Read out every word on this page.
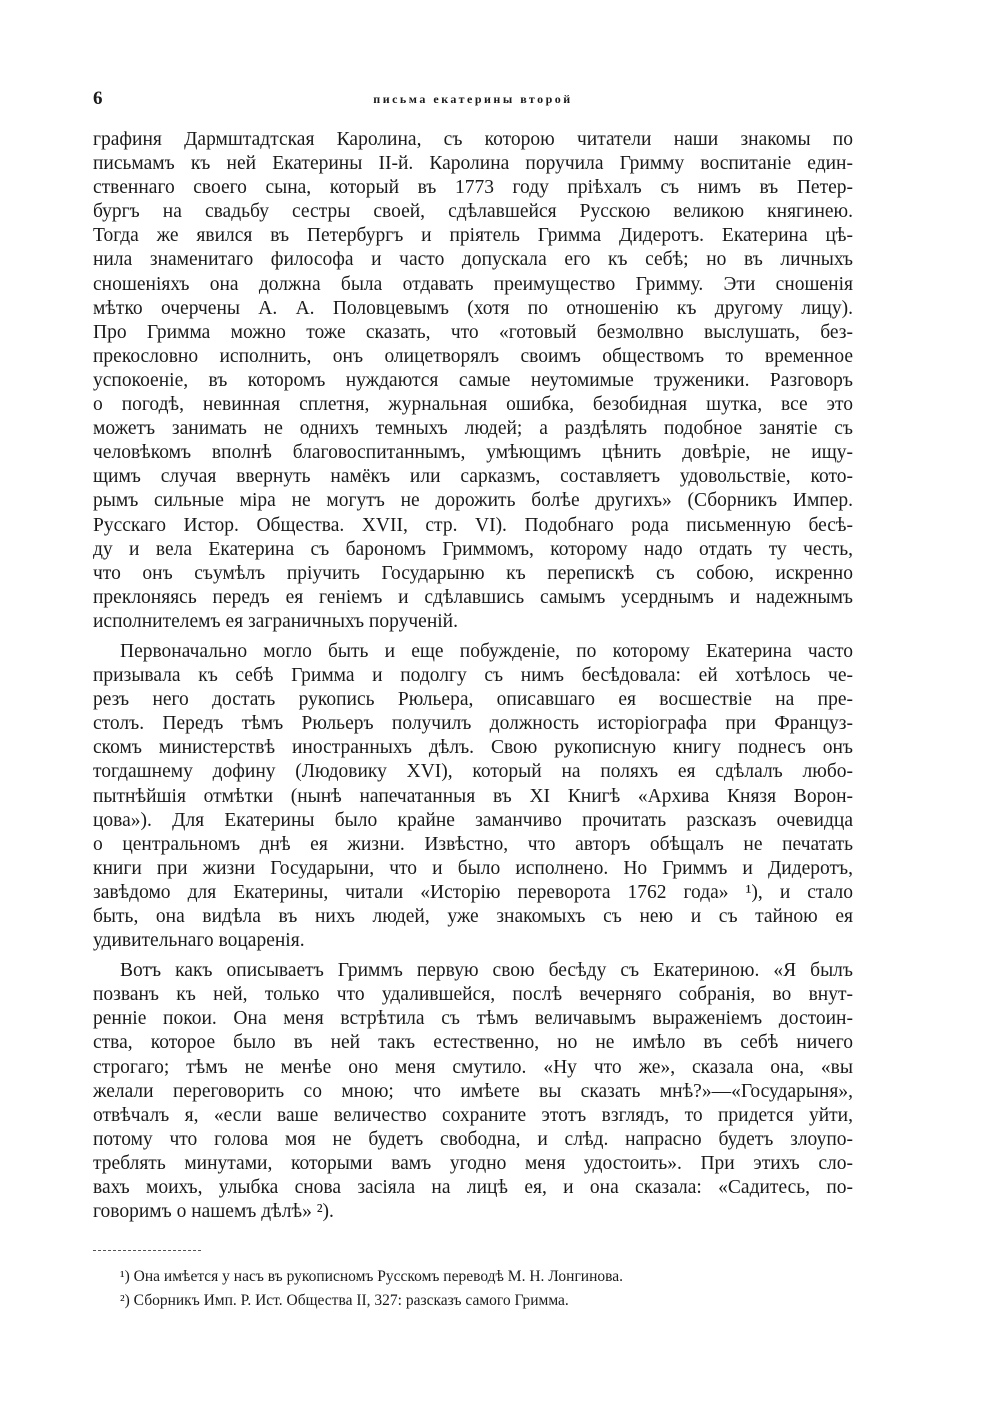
6	письма екатерины второй
графиня Дармштадтская Каролина, съ которою читатели наши знакомы по
письмамъ къ ней Екатерины II-й. Каролина поручила Гримму воспитаніе един-
ственнаго своего сына, который въ 1773 году пріѣхалъ съ нимъ въ Петер-
бургъ на свадьбу сестры своей, сдѣлавшейся Русскою великою княгинею.
Тогда же явился въ Петербургъ и пріятель Гримма Дидеротъ. Екатерина цѣ-
нила знаменитаго философа и часто допускала его къ себѣ; но въ личныхъ
сношеніяхъ она должна была отдавать преимущество Гримму. Эти сношенія
мѣтко очерчены А. А. Половцевымъ (хотя по отношенію къ другому лицу).
Про Гримма можно тоже сказать, что «готовый безмолвно выслушать, без-
прекословно исполнить, онъ олицетворялъ своимъ обществомъ то временное
успокоеніе, въ которомъ нуждаются самые неутомимые труженики. Разговоръ
о погодѣ, невинная сплетня, журнальная ошибка, безобидная шутка, все это
можетъ занимать не однихъ темныхъ людей; а раздѣлять подобное занятіе съ
человѣкомъ вполнѣ благовоспитаннымъ, умѣющимъ цѣнить довѣріе, не ищу-
щимъ случая ввернуть намёкъ или сарказмъ, составляетъ удовольствіе, кото-
рымъ сильные міра не могутъ не дорожить болѣе другихъ» (Сборникъ Импер.
Русскаго Истор. Общества. XVII, стр. VI). Подобнаго рода письменную бесѣ-
ду и вела Екатерина съ барономъ Гриммомъ, которому надо отдать ту честь,
что онъ съумѣлъ пріучить Государыню къ перепискѣ съ собою, искренно
преклоняясь передъ ея геніемъ и сдѣлавшись самымъ усерднымъ и надежнымъ
исполнителемъ ея заграничныхъ порученій.
Первоначально могло быть и еще побужденіе, по которому Екатерина часто
призывала къ себѣ Гримма и подолгу съ нимъ бесѣдовала: ей хотѣлось че-
резъ него достать рукопись Рюльера, описавшаго ея восшествіе на пре-
столъ. Передъ тѣмъ Рюльеръ получилъ должность исторіографа при Француз-
скомъ министерствѣ иностранныхъ дѣлъ. Свою рукописную книгу поднесъ онъ
тогдашнему дофину (Людовику XVI), который на поляхъ ея сдѣлалъ любо-
пытнѣйшія отмѣтки (нынѣ напечатанныя въ XI Книгѣ «Архива Князя Ворон-
цова»). Для Екатерины было крайне заманчиво прочитать разсказъ очевидца
о центральномъ днѣ ея жизни. Извѣстно, что авторъ обѣщалъ не печатать
книги при жизни Государыни, что и было исполнено. Но Гриммъ и Дидеротъ,
завѣдомо для Екатерины, читали «Исторію переворота 1762 года» ¹), и стало
быть, она видѣла въ нихъ людей, уже знакомыхъ съ нею и съ тайною ея
удивительнаго воцаренія.
Вотъ какъ описываетъ Гриммъ первую свою бесѣду съ Екатериною. «Я былъ
позванъ къ ней, только что удалившейся, послѣ вечерняго собранія, во внут-
реннiе покои. Она меня встрѣтила съ тѣмъ величавымъ выраженіемъ достоин-
ства, которое было въ ней такъ естественно, но не имѣло въ себѣ ничего
строгаго; тѣмъ не менѣе оно меня смутило. «Ну что же», сказала она, «вы
желали переговорить со мною; что имѣете вы сказать мнѣ?»—«Государыня»,
отвѣчалъ я, «если ваше величество сохраните этотъ взглядъ, то придется уйти,
потому что голова моя не будетъ свободна, и слѣд. напрасно будетъ злоупо-
треблять минутами, которыми вамъ угодно меня удостоить». При этихъ сло-
вахъ моихъ, улыбка снова засіяла на лицѣ ея, и она сказала: «Садитесь, по-
говоримъ о нашемъ дѣлѣ» ²).
¹) Она имѣется у насъ въ рукописномъ Русскомъ переводѣ М. Н. Лонгинова.
²) Сборникъ Имп. Р. Ист. Общества II, 327: разсказъ самого Гримма.
